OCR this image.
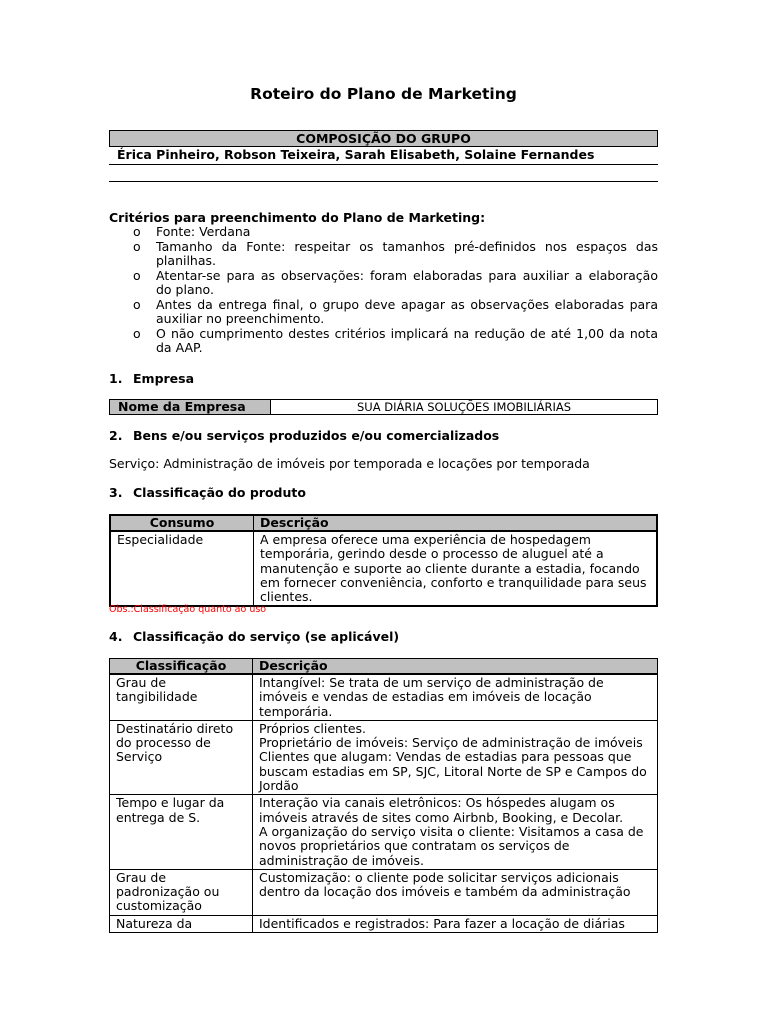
Roteiro do Plano de Marketing
COMPOSIÇÃO DO GRUPO
Érica Pinheiro, Robson Teixeira, Sarah Elisabeth, Solaine Fernandes
Critérios para preenchimento do Plano de Marketing:
o Fonte: Verdana
o Tamanho da Fonte: respeitar os tamanhos pré-definidos nos espaços das planilhas.
o Atentar-se para as observações: foram elaboradas para auxiliar a elaboração do plano.
o Antes da entrega final, o grupo deve apagar as observações elaboradas para auxiliar no preenchimento.
o O não cumprimento destes critérios implicará na redução de até 1,00 da nota da AAP.
1. Empresa
Nome da Empresa	SUA DIÁRIA SOLUÇÕES IMOBILIÁRIAS
2. Bens e/ou serviços produzidos e/ou comercializados
Serviço: Administração de imóveis por temporada e locações por temporada
3. Classificação do produto
Consumo	Descrição
Especialidade	A empresa oferece uma experiência de hospedagem temporária, gerindo desde o processo de aluguel até a manutenção e suporte ao cliente durante a estadia, focando em fornecer conveniência, conforto e tranquilidade para seus clientes.
Obs.:Classificação quanto ao uso
4. Classificação do serviço (se aplicável)
Classificação	Descrição
Grau de tangibilidade	Intangível: Se trata de um serviço de administração de imóveis e vendas de estadias em imóveis de locação temporária.
Destinatário direto do processo de Serviço	Próprios clientes.
Proprietário de imóveis: Serviço de administração de imóveis
Clientes que alugam: Vendas de estadias para pessoas que buscam estadias em SP, SJC, Litoral Norte de SP e Campos do Jordão
Tempo e lugar da entrega de S.	Interação via canais eletrônicos: Os hóspedes alugam os imóveis através de sites como Airbnb, Booking, e Decolar.
A organização do serviço visita o cliente: Visitamos a casa de novos proprietários que contratam os serviços de administração de imóveis.
Grau de padronização ou customização	Customização: o cliente pode solicitar serviços adicionais dentro da locação dos imóveis e também da administração
Natureza da	Identificados e registrados: Para fazer a locação de diárias
